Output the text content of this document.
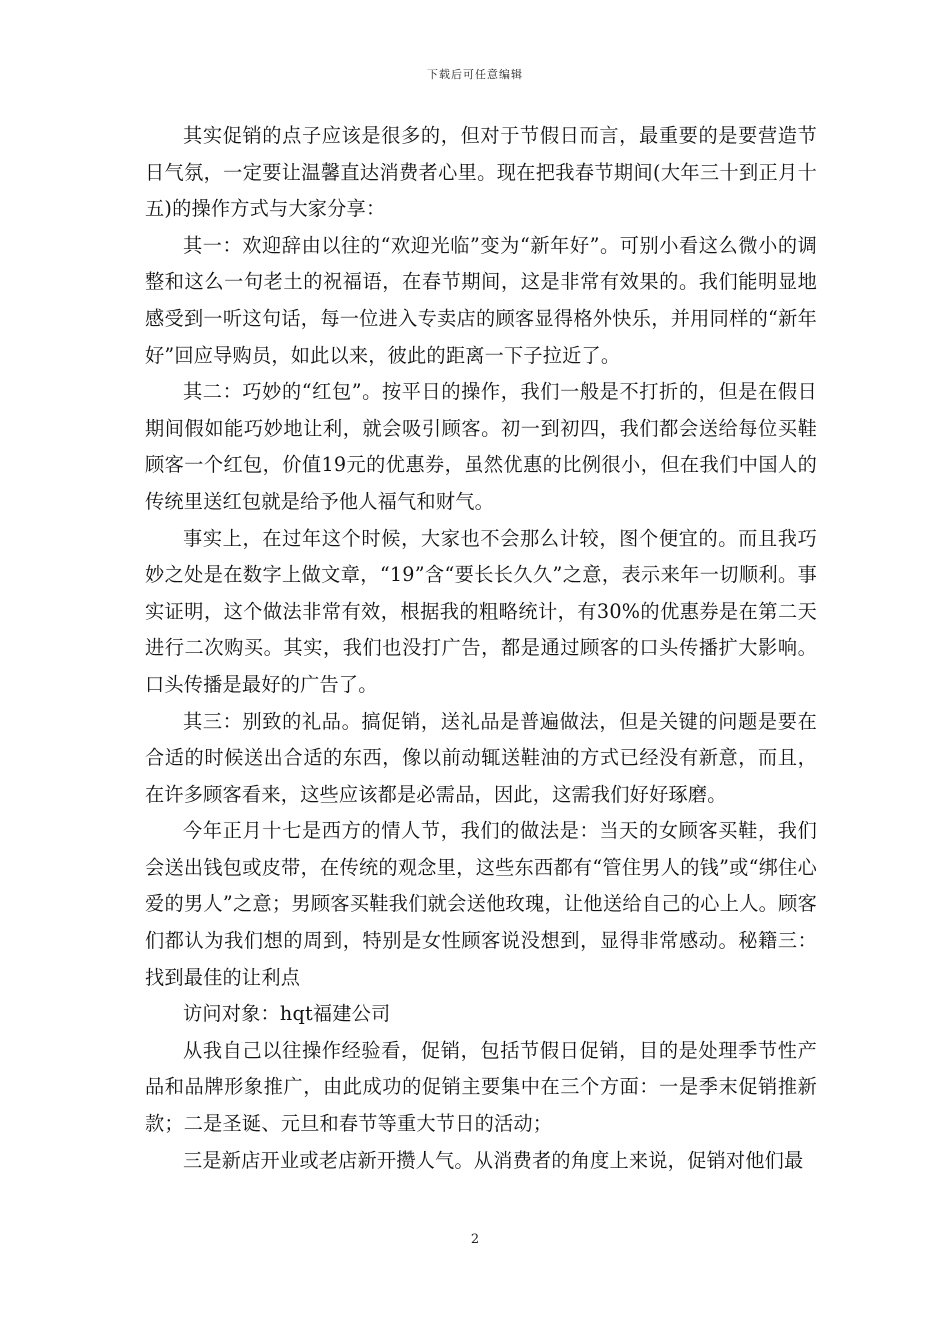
下载后可任意编辑

其实促销的点子应该是很多的，但对于节假日而言，最重要的是要营造节日气氛，一定要让温馨直达消费者心里。现在把我春节期间(大年三十到正月十五)的操作方式与大家分享：

其一：欢迎辞由以往的“欢迎光临”变为“新年好”。可别小看这么微小的调整和这么一句老土的祝福语，在春节期间，这是非常有效果的。我们能明显地感受到一听这句话，每一位进入专卖店的顾客显得格外快乐，并用同样的“新年好”回应导购员，如此以来，彼此的距离一下子拉近了。

其二：巧妙的“红包”。按平日的操作，我们一般是不打折的，但是在假日期间假如能巧妙地让利，就会吸引顾客。初一到初四，我们都会送给每位买鞋顾客一个红包，价值19元的优惠券，虽然优惠的比例很小，但在我们中国人的传统里送红包就是给予他人福气和财气。

事实上，在过年这个时候，大家也不会那么计较，图个便宜的。而且我巧妙之处是在数字上做文章，“19”含“要长长久久”之意，表示来年一切顺利。事实证明，这个做法非常有效，根据我的粗略统计，有30%的优惠券是在第二天进行二次购买。其实，我们也没打广告，都是通过顾客的口头传播扩大影响。口头传播是最好的广告了。

其三：别致的礼品。搞促销，送礼品是普遍做法，但是关键的问题是要在合适的时候送出合适的东西，像以前动辄送鞋油的方式已经没有新意，而且，在许多顾客看来，这些应该都是必需品，因此，这需我们好好琢磨。

今年正月十七是西方的情人节，我们的做法是：当天的女顾客买鞋，我们会送出钱包或皮带，在传统的观念里，这些东西都有“管住男人的钱”或“绑住心爱的男人”之意；男顾客买鞋我们就会送他玫瑰，让他送给自己的心上人。顾客们都认为我们想的周到，特别是女性顾客说没想到，显得非常感动。秘籍三：找到最佳的让利点

访问对象：hqt福建公司

从我自己以往操作经验看，促销，包括节假日促销，目的是处理季节性产品和品牌形象推广，由此成功的促销主要集中在三个方面：一是季末促销推新款；二是圣诞、元旦和春节等重大节日的活动；

三是新店开业或老店新开攒人气。从消费者的角度上来说，促销对他们最

2
